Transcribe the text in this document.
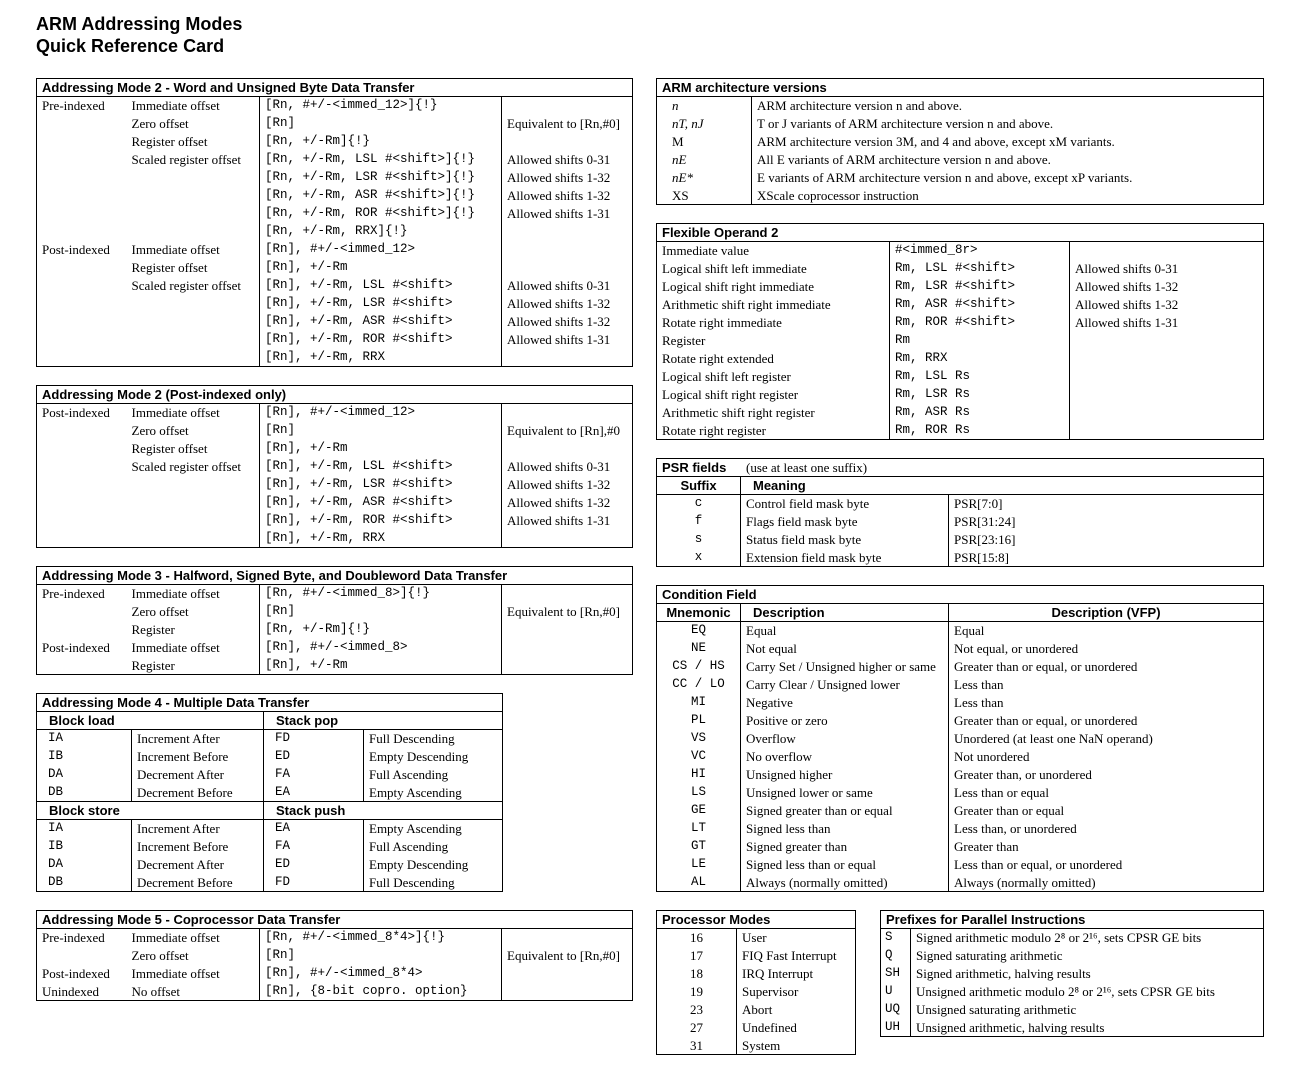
ARM Addressing Modes
Quick Reference Card
Addressing Mode 2 - Word and Unsigned Byte Data Transfer			
Pre-indexed	Immediate offset	[Rn, #+/-<immed_12>]{!}	
	Zero offset	[Rn]	Equivalent to [Rn,#0]
	Register offset	[Rn, +/-Rm]{!}	
	Scaled register offset	[Rn, +/-Rm, LSL #<shift>]{!}	Allowed shifts 0-31
		[Rn, +/-Rm, LSR #<shift>]{!}	Allowed shifts 1-32
		[Rn, +/-Rm, ASR #<shift>]{!}	Allowed shifts 1-32
		[Rn, +/-Rm, ROR #<shift>]{!}	Allowed shifts 1-31
		[Rn, +/-Rm, RRX]{!}	
Post-indexed	Immediate offset	[Rn], #+/-<immed_12>	
	Register offset	[Rn], +/-Rm	
	Scaled register offset	[Rn], +/-Rm, LSL #<shift>	Allowed shifts 0-31
		[Rn], +/-Rm, LSR #<shift>	Allowed shifts 1-32
		[Rn], +/-Rm, ASR #<shift>	Allowed shifts 1-32
		[Rn], +/-Rm, ROR #<shift>	Allowed shifts 1-31
		[Rn], +/-Rm, RRX	
Addressing Mode 2 (Post-indexed only)			
Post-indexed	Immediate offset	[Rn], #+/-<immed_12>	
	Zero offset	[Rn]	Equivalent to [Rn],#0
	Register offset	[Rn], +/-Rm	
	Scaled register offset	[Rn], +/-Rm, LSL #<shift>	Allowed shifts 0-31
		[Rn], +/-Rm, LSR #<shift>	Allowed shifts 1-32
		[Rn], +/-Rm, ASR #<shift>	Allowed shifts 1-32
		[Rn], +/-Rm, ROR #<shift>	Allowed shifts 1-31
		[Rn], +/-Rm, RRX	
Addressing Mode 3 - Halfword, Signed Byte, and Doubleword Data Transfer			
Pre-indexed	Immediate offset	[Rn, #+/-<immed_8>]{!}	
	Zero offset	[Rn]	Equivalent to [Rn,#0]
	Register	[Rn, +/-Rm]{!}	
Post-indexed	Immediate offset	[Rn], #+/-<immed_8>	
	Register	[Rn], +/-Rm	
Addressing Mode 4 - Multiple Data Transfer			
Block load		Stack pop	
IA	Increment After	FD	Full Descending
IB	Increment Before	ED	Empty Descending
DA	Decrement After	FA	Full Ascending
DB	Decrement Before	EA	Empty Ascending
Block store		Stack push	
IA	Increment After	EA	Empty Ascending
IB	Increment Before	FA	Full Ascending
DA	Decrement After	ED	Empty Descending
DB	Decrement Before	FD	Full Descending
Addressing Mode 5 - Coprocessor Data Transfer			
Pre-indexed	Immediate offset	[Rn, #+/-<immed_8*4>]{!}	
	Zero offset	[Rn]	Equivalent to [Rn,#0]
Post-indexed	Immediate offset	[Rn], #+/-<immed_8*4>	
Unindexed	No offset	[Rn], {8-bit copro. option}	
ARM architecture versions	
n	ARM architecture version n and above.
nT, nJ	T or J variants of ARM architecture version n and above.
M	ARM architecture version 3M, and 4 and above, except xM variants.
nE	All E variants of ARM architecture version n and above.
nE*	E variants of ARM architecture version n and above, except xP variants.
XS	XScale coprocessor instruction
Flexible Operand 2		
Immediate value	#<immed_8r>	
Logical shift left immediate	Rm, LSL #<shift>	Allowed shifts 0-31
Logical shift right immediate	Rm, LSR #<shift>	Allowed shifts 1-32
Arithmetic shift right immediate	Rm, ASR #<shift>	Allowed shifts 1-32
Rotate right immediate	Rm, ROR #<shift>	Allowed shifts 1-31
Register	Rm	
Rotate right extended	Rm, RRX	
Logical shift left register	Rm, LSL Rs	
Logical shift right register	Rm, LSR Rs	
Arithmetic shift right register	Rm, ASR Rs	
Rotate right register	Rm, ROR Rs	
PSR fields (use at least one suffix)		
Suffix	Meaning	
c	Control field mask byte	PSR[7:0]
f	Flags field mask byte	PSR[31:24]
s	Status field mask byte	PSR[23:16]
x	Extension field mask byte	PSR[15:8]
Condition Field		
Mnemonic	Description	Description (VFP)
EQ	Equal	Equal
NE	Not equal	Not equal, or unordered
CS / HS	Carry Set / Unsigned higher or same	Greater than or equal, or unordered
CC / LO	Carry Clear / Unsigned lower	Less than
MI	Negative	Less than
PL	Positive or zero	Greater than or equal, or unordered
VS	Overflow	Unordered (at least one NaN operand)
VC	No overflow	Not unordered
HI	Unsigned higher	Greater than, or unordered
LS	Unsigned lower or same	Less than or equal
GE	Signed greater than or equal	Greater than or equal
LT	Signed less than	Less than, or unordered
GT	Signed greater than	Greater than
LE	Signed less than or equal	Less than or equal, or unordered
AL	Always (normally omitted)	Always (normally omitted)
Processor Modes	
16	User
17	FIQ Fast Interrupt
18	IRQ Interrupt
19	Supervisor
23	Abort
27	Undefined
31	System
Prefixes for Parallel Instructions	
S	Signed arithmetic modulo 2⁸ or 2¹⁶, sets CPSR GE bits
Q	Signed saturating arithmetic
SH	Signed arithmetic, halving results
U	Unsigned arithmetic modulo 2⁸ or 2¹⁶, sets CPSR GE bits
UQ	Unsigned saturating arithmetic
UH	Unsigned arithmetic, halving results
